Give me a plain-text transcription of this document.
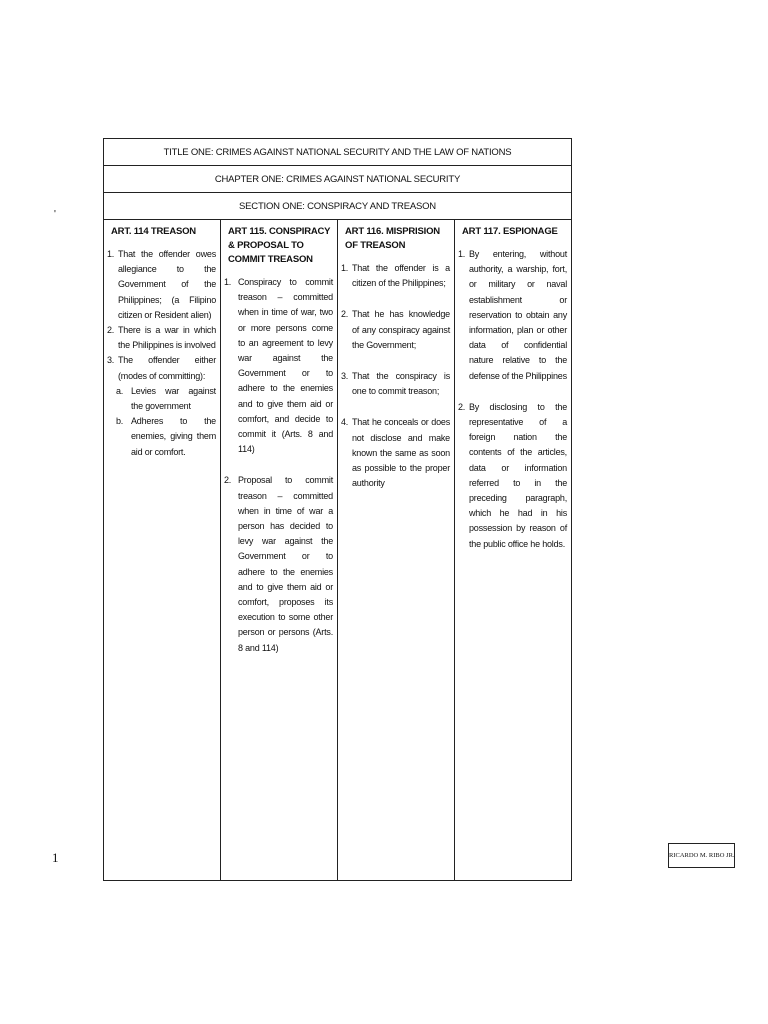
'
TITLE ONE: CRIMES AGAINST NATIONAL SECURITY AND THE LAW OF NATIONS
CHAPTER ONE: CRIMES AGAINST NATIONAL SECURITY
SECTION ONE: CONSPIRACY AND TREASON

ART. 114 TREASON
1. That the offender owes allegiance to the Government of the Philippines; (a Filipino citizen or Resident alien)
2. There is a war in which the Philippines is involved
3. The offender either (modes of committing):
a. Levies war against the government
b. Adheres to the enemies, giving them aid or comfort.

ART 115. CONSPIRACY & PROPOSAL TO COMMIT TREASON
1. Conspiracy to commit treason – committed when in time of war, two or more persons come to an agreement to levy war against the Government or to adhere to the enemies and to give them aid or comfort, and decide to commit it (Arts. 8 and 114)
2. Proposal to commit treason – committed when in time of war a person has decided to levy war against the Government or to adhere to the enemies and to give them aid or comfort, proposes its execution to some other person or persons (Arts. 8 and 114)

ART 116. MISPRISION OF TREASON
1. That the offender is a citizen of the Philippines;
2. That he has knowledge of any conspiracy against the Government;
3. That the conspiracy is one to commit treason;
4. That he conceals or does not disclose and make known the same as soon as possible to the proper authority

ART 117. ESPIONAGE
1. By entering, without authority, a warship, fort, or military or naval establishment or reservation to obtain any information, plan or other data of confidential nature relative to the defense of the Philippines
2. By disclosing to the representative of a foreign nation the contents of the articles, data or information referred to in the preceding paragraph, which he had in his possession by reason of the public office he holds.
1	RICARDO M. RIBO JR.
